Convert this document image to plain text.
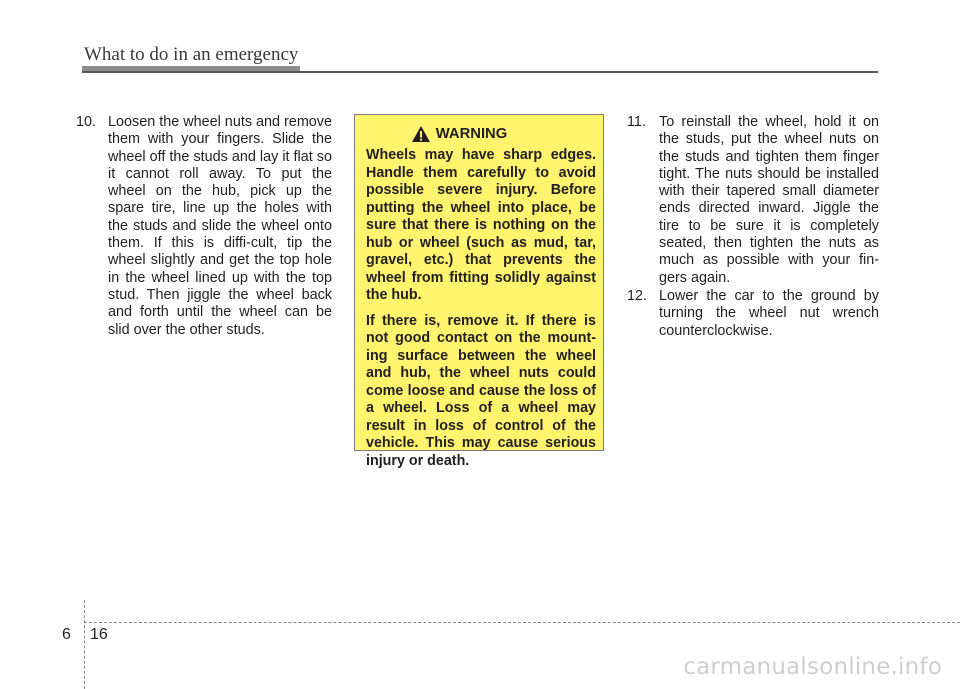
What to do in an emergency

10. Loosen the wheel nuts and remove them with your fingers. Slide the wheel off the studs and lay it flat so it cannot roll away. To put the wheel on the hub, pick up the spare tire, line up the holes with the studs and slide the wheel onto them. If this is diffi-cult, tip the wheel slightly and get the top hole in the wheel lined up with the top stud. Then jiggle the wheel back and forth until the wheel can be slid over the other studs.

WARNING

Wheels may have sharp edges. Handle them carefully to avoid possible severe injury. Before putting the wheel into place, be sure that there is nothing on the hub or wheel (such as mud, tar, gravel, etc.) that prevents the wheel from fitting solidly against the hub.

If there is, remove it. If there is not good contact on the mount-ing surface between the wheel and hub, the wheel nuts could come loose and cause the loss of a wheel. Loss of a wheel may result in loss of control of the vehicle. This may cause serious injury or death.

11. To reinstall the wheel, hold it on the studs, put the wheel nuts on the studs and tighten them finger tight. The nuts should be installed with their tapered small diameter ends directed inward. Jiggle the tire to be sure it is completely seated, then tighten the nuts as much as possible with your fin-gers again.

12. Lower the car to the ground by turning the wheel nut wrench counterclockwise.

6 16
carmanualsonline.info
